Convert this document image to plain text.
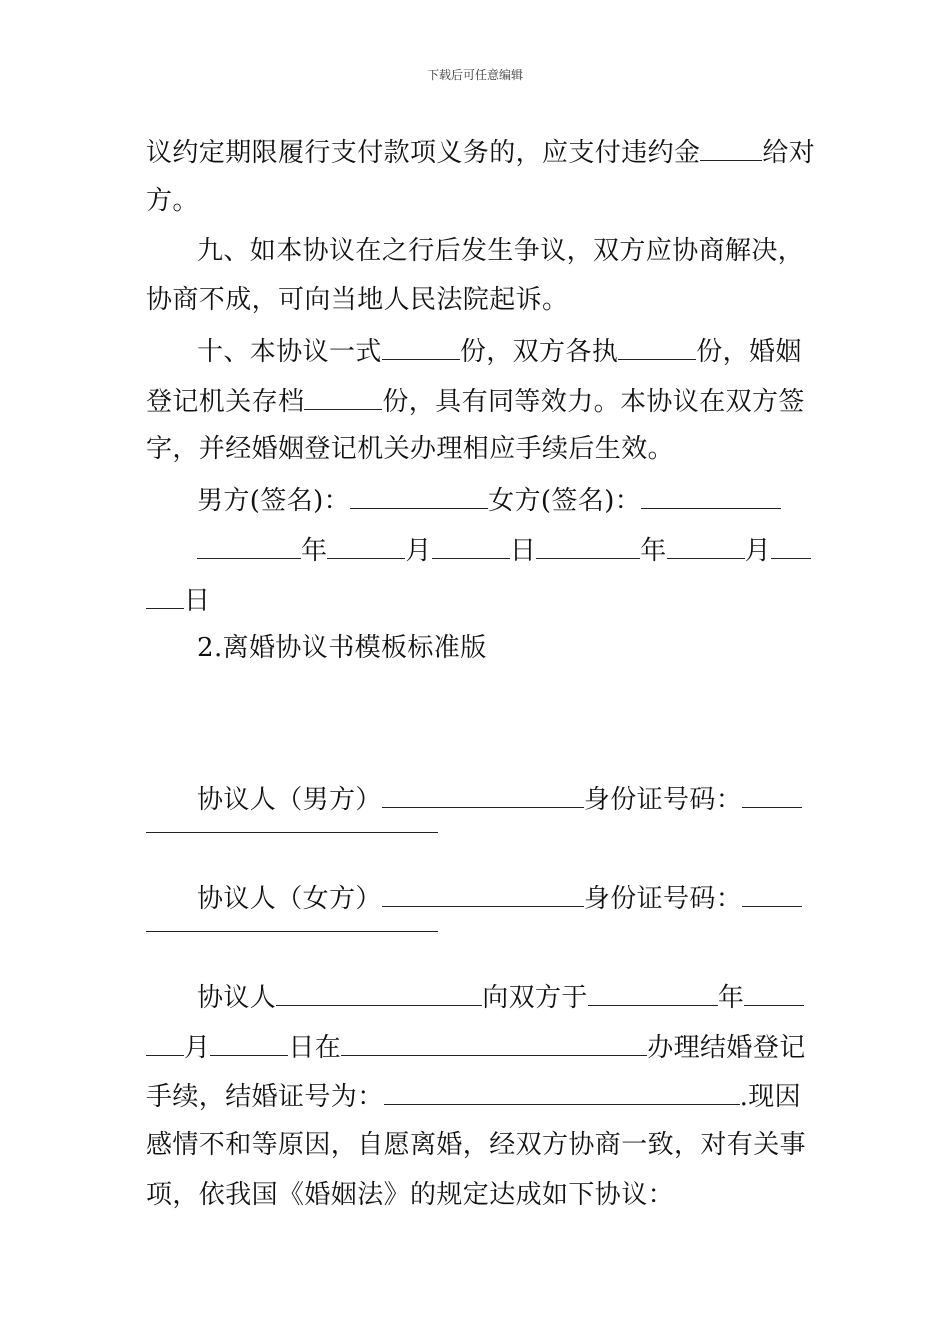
下载后可任意编辑
议约定期限履行支付款项义务的，应支付违约金 给对
方。
九、如本协议在之行后发生争议，双方应协商解决，
协商不成，可向当地人民法院起诉。
十、本协议一式	份，双方各执	份，婚姻
登记机关存档	份，具有同等效力。本协议在双方签
字，并经婚姻登记机关办理相应手续后生效。
男方(签名)：	女方(签名)：
年	月	日	年	月
日
2.离婚协议书模板标准版
协议人（男方）	身份证号码：
协议人（女方）	身份证号码：
协议人	向双方于	年
月	日在	办理结婚登记
手续，结婚证号为：	.现因
感情不和等原因，自愿离婚，经双方协商一致，对有关事
项，依我国《婚姻法》的规定达成如下协议：
